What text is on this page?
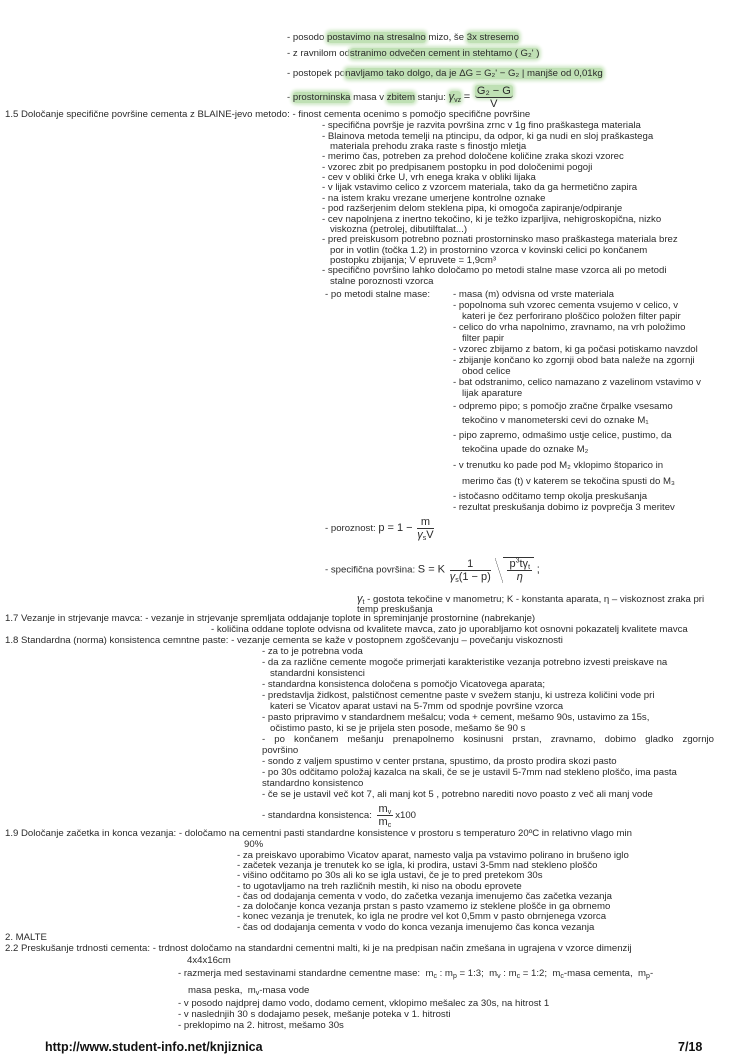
- posodo postavimo na stresalno mizo, še 3x stresemo
- z ravnilom odstranimo odvečen cement in stehtamo ( G₂' )
- postopek ponavljamo tako dolgo, da je ΔG = G₂' − G₂ | manjše od 0,01kg
- prostorninska masa v zbitem stanju: $\gamma_{vz} = \frac{\text{G₂ − G}}{V}$
1.5 Določanje specifične površine cementa z BLAINE-jevo metodo: - finost cementa ocenimo s pomočjo specifične površine
1.7 Vezanje in strjevanje mavca: - vezanje in strjevanje spremljata oddajanje toplote in spreminjanje prostornine (nabrekanje)
1.8 Standardna (norma) konsistenca cemntne paste: - vezanje cementa se kaže v postopnem zgoščevanju – povečanju viskoznosti
1.9 Določanje začetka in konca vezanja: - določamo na cementni pasti standardne konsistence v prostoru s temperaturo 20ºC in relativno vlago min
2. MALTE
2.2 Preskušanje trdnosti cementa: - trdnost določamo na standardni cementni malti, ki je na predpisan način zmešana in ugrajena v vzorce dimenzij
- po metodi stalne mase:
- poroznost: $p = 1 - \frac{m}{\gamma_sV}$
- specifična površina: S = K $\frac{1}{\gamma_s(1 - p)}$
$\frac{p^3t\gamma_t}{\eta}$ ;
$\gamma_t$ - gostota tekočine v manometru; K - konstanta aparata, η – viskoznost zraka pri
temp preskušanja
- standardna konsistenca: $\frac{m_v}{m_c} x100$
- razmerja med sestavinami standardne cementne mase: $m_c$ : $m_p$ = 1:3; $m_v$ : $m_c$ = 1:2; $m_c$-masa cementa, $m_p-$
masa peska, $m_v$-masa vode
http://www.student-info.net/knjiznica	7/18
- specifična površje je razvita površina zrnc v 1g fino praškastega materiala
- Blainova metoda temelji na ptincipu, da odpor, ki ga nudi en sloj praškastega
materiala prehodu zraka raste s finostjo mletja
- merimo čas, potreben za prehod določene količine zraka skozi vzorec
- vzorec zbit po predpisanem postopku in pod določenimi pogoji
- cev v obliki črke U, vrh enega kraka v obliki lijaka
- v lijak vstavimo celico z vzorcem materiala, tako da ga hermetično zapira
- na istem kraku vrezane umerjene kontrolne oznake
- pod razšerjenim delom steklena pipa, ki omogoča zapiranje/odpiranje
- cev napolnjena z inertno tekočino, ki je težko izparljiva, nehigroskopična, nizko
viskozna (petrolej, dibutilftalat...)
- pred preiskusom potrebno poznati prostorninsko maso praškastega materiala brez
por in votlin (točka 1.2) in prostornino vzorca v kovinski celici po končanem
postopku zbijanja; V epruvete = 1,9cm³
- specifično površino lahko določamo po metodi stalne mase vzorca ali po metodi
stalne poroznosti vzorca
- masa (m) odvisna od vrste materiala
- popolnoma suh vzorec cementa vsujemo v celico, v
kateri je čez perforirano ploščico položen filter papir
- celico do vrha napolnimo, zravnamo, na vrh položimo
filter papir
- vzorec zbijamo z batom, ki ga počasi potiskamo navzdol
- zbijanje končano ko zgornji obod bata naleže na zgornji
obod celice
- bat odstranimo, celico namazano z vazelinom vstavimo v
lijak aparature
- odpremo pipo; s pomočjo zračne črpalke vsesamo
tekočino v manometerski cevi do oznake M₁
- pipo zapremo, odmašimo ustje celice, pustimo, da
tekočina upade do oznake M₂
- v trenutku ko pade pod M₂ vklopimo štoparico in
merimo čas (t) v katerem se tekočina spusti do M₃
- istočasno odčitamo temp okolja preskušanja
- rezultat preskušanja dobimo iz povprečja 3 meritev
- količina oddane toplote odvisna od kvalitete mavca, zato jo uporabljamo kot osnovni pokazatelj kvalitete mavca
- za to je potrebna voda
- da za različne cemente mogoče primerjati karakteristike vezanja potrebno izvesti preiskave na
standardni konsistenci
- standardna konsistenca določena s pomočjo Vicatovega aparata;
- predstavlja židkost, palstičnost cementne paste v svežem stanju, ki ustreza količini vode pri
kateri se Vicatov aparat ustavi na 5-7mm od spodnje površine vzorca
- pasto pripravimo v standardnem mešalcu; voda + cement, mešamo 90s, ustavimo za 15s,
očistimo pasto, ki se je prijela sten posode, mešamo še 90 s
- po končanem mešanju prenapolnemo kosinusni prstan, zravnamo, dobimo gladko zgornjo
površino
- sondo z valjem spustimo v center prstana, spustimo, da prosto prodira skozi pasto
- po 30s odčitamo položaj kazalca na skali, če se je ustavil 5-7mm nad stekleno ploščo, ima pasta
standardno konsistenco
- če se je ustavil več kot 7, ali manj kot 5 , potrebno narediti novo poasto z več ali manj vode
90%
- za preiskavo uporabimo Vicatov aparat, namesto valja pa vstavimo polirano in brušeno iglo
- začetek vezanja je trenutek ko se igla, ki prodira, ustavi 3-5mm nad stekleno ploščo
- višino odčitamo po 30s ali ko se igla ustavi, če je to pred pretekom 30s
- to ugotavljamo na treh različnih mestih, ki niso na obodu eprovete
- čas od dodajanja cementa v vodo, do začetka vezanja imenujemo čas začetka vezanja
- za določanje konca vezanja prstan s pasto vzamemo iz steklene plošče in ga obrnemo
- konec vezanja je trenutek, ko igla ne prodre vel kot 0,5mm v pasto obrnjenega vzorca
- čas od dodajanja cementa v vodo do konca vezanja imenujemo čas konca vezanja
4x4x16cm
- v posodo najdprej damo vodo, dodamo cement, vklopimo mešalec za 30s, na hitrost 1
- v naslednjih 30 s dodajamo pesek, mešanje poteka v 1. hitrosti
- preklopimo na 2. hitrost, mešamo 30s
